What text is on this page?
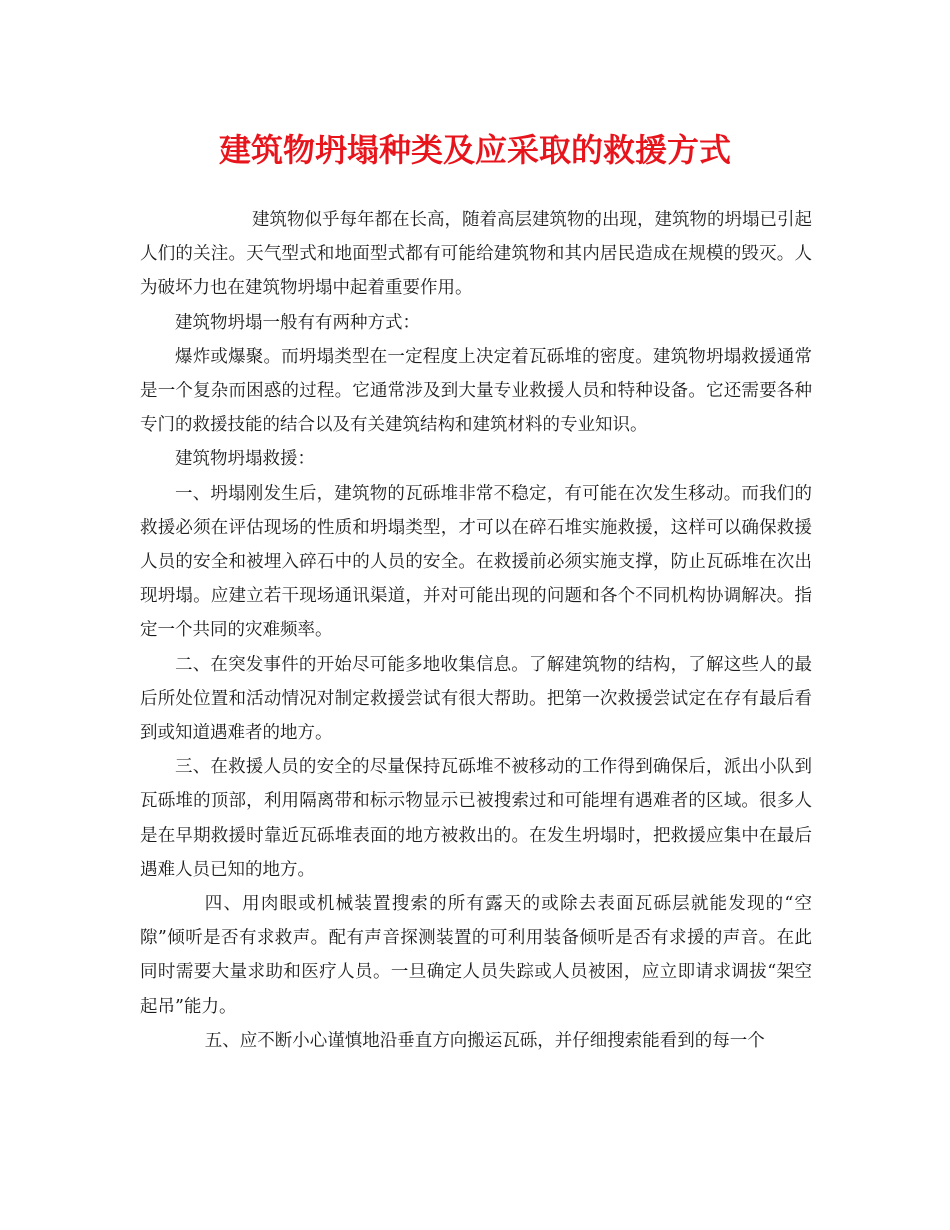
建筑物坍塌种类及应采取的救援方式

建筑物似乎每年都在长高，随着高层建筑物的出现，建筑物的坍塌已引起人们的关注。天气型式和地面型式都有可能给建筑物和其内居民造成在规模的毁灭。人为破坏力也在建筑物坍塌中起着重要作用。

建筑物坍塌一般有有两种方式：

爆炸或爆聚。而坍塌类型在一定程度上决定着瓦砾堆的密度。建筑物坍塌救援通常是一个复杂而困惑的过程。它通常涉及到大量专业救援人员和特种设备。它还需要各种专门的救援技能的结合以及有关建筑结构和建筑材料的专业知识。

建筑物坍塌救援：

一、坍塌刚发生后，建筑物的瓦砾堆非常不稳定，有可能在次发生移动。而我们的救援必须在评估现场的性质和坍塌类型，才可以在碎石堆实施救援，这样可以确保救援人员的安全和被埋入碎石中的人员的安全。在救援前必须实施支撑，防止瓦砾堆在次出现坍塌。应建立若干现场通讯渠道，并对可能出现的问题和各个不同机构协调解决。指定一个共同的灾难频率。

二、在突发事件的开始尽可能多地收集信息。了解建筑物的结构，了解这些人的最后所处位置和活动情况对制定救援尝试有很大帮助。把第一次救援尝试定在存有最后看到或知道遇难者的地方。

三、在救援人员的安全的尽量保持瓦砾堆不被移动的工作得到确保后，派出小队到瓦砾堆的顶部，利用隔离带和标示物显示已被搜索过和可能埋有遇难者的区域。很多人是在早期救援时靠近瓦砾堆表面的地方被救出的。在发生坍塌时，把救援应集中在最后遇难人员已知的地方。

四、用肉眼或机械装置搜索的所有露天的或除去表面瓦砾层就能发现的“空隙”倾听是否有求救声。配有声音探测装置的可利用装备倾听是否有求援的声音。在此同时需要大量求助和医疗人员。一旦确定人员失踪或人员被困，应立即请求调拔“架空起吊”能力。

五、应不断小心谨慎地沿垂直方向搬运瓦砾，并仔细搜索能看到的每一个
